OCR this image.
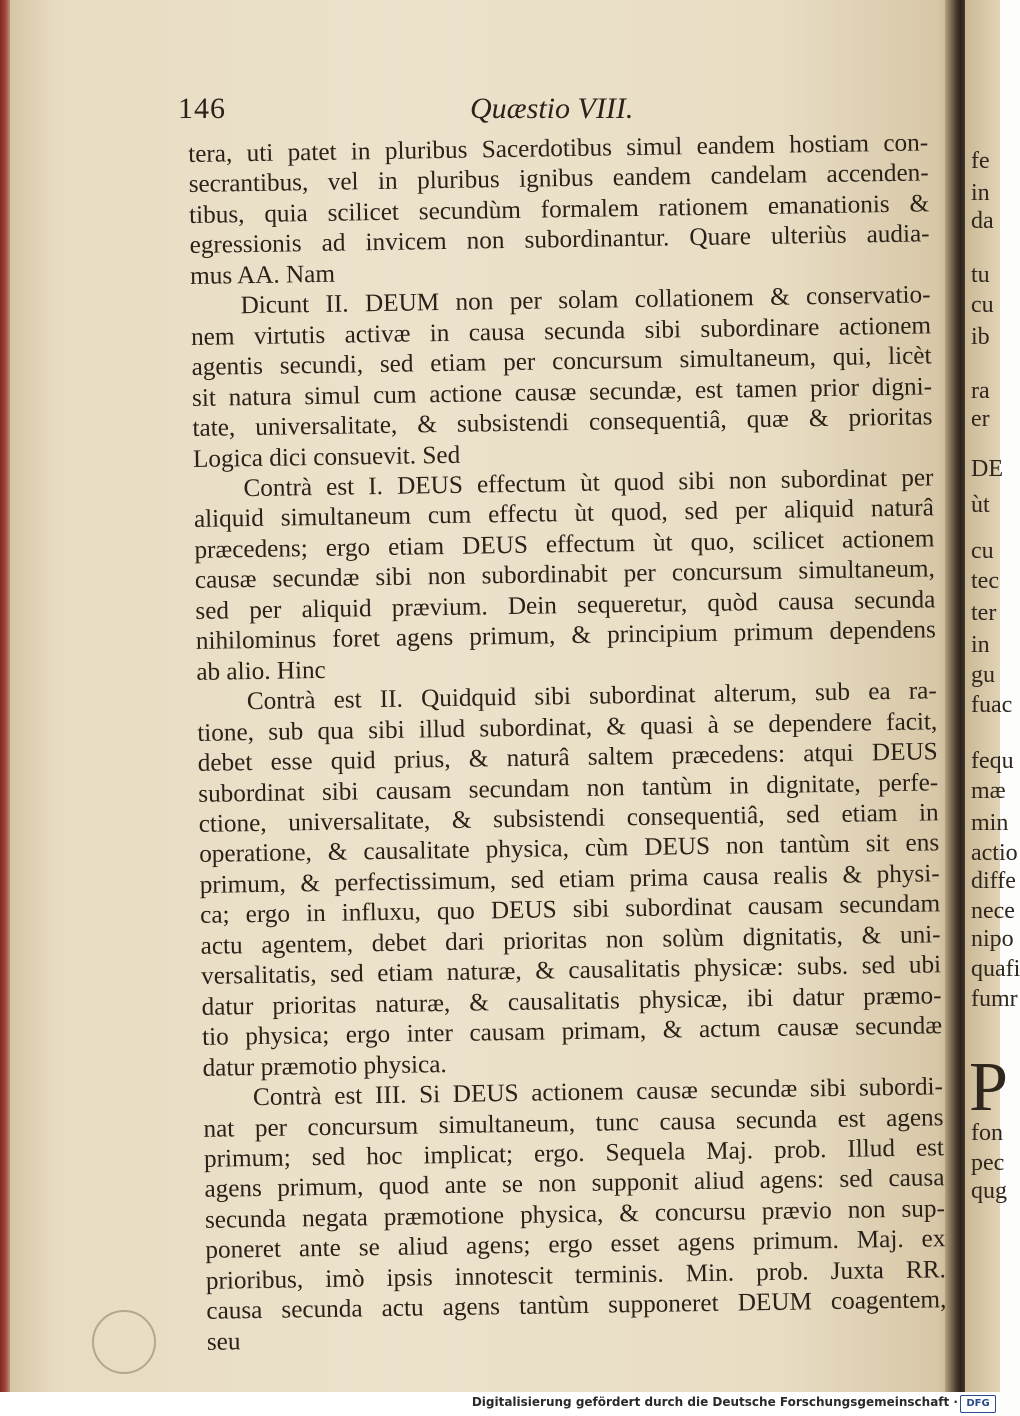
fe
in
da
tu
cu
ib
ra
er
DE
ùt
cu
tec
ter
in
gu
fuac
fequ
mæ
min
actio
diffe
nece
nipo
quafi
fumr
P
fon
pec
qug
146	Quæstio VIII.

tera, uti patet in pluribus Sacerdotibus simul eandem hostiam con-
secrantibus, vel in pluribus ignibus eandem candelam accenden-
tibus, quia scilicet secundùm formalem rationem emanationis &
egressionis ad invicem non subordinantur. Quare ulteriùs audia-
mus AA. Nam

Dicunt II. DEUM non per solam collationem & conservatio-
nem virtutis activæ in causa secunda sibi subordinare actionem
agentis secundi, sed etiam per concursum simultaneum, qui, licèt
sit natura simul cum actione causæ secundæ, est tamen prior digni-
tate, universalitate, & subsistendi consequentiâ, quæ & prioritas
Logica dici consuevit. Sed

Contrà est I. DEUS effectum ùt quod sibi non subordinat per
aliquid simultaneum cum effectu ùt quod, sed per aliquid naturâ
præcedens; ergo etiam DEUS effectum ùt quo, scilicet actionem
causæ secundæ sibi non subordinabit per concursum simultaneum,
sed per aliquid prævium. Dein sequeretur, quòd causa secunda
nihilominus foret agens primum, & principium primum dependens
ab alio. Hinc

Contrà est II. Quidquid sibi subordinat alterum, sub ea ra-
tione, sub qua sibi illud subordinat, & quasi à se dependere facit,
debet esse quid prius, & naturâ saltem præcedens: atqui DEUS
subordinat sibi causam secundam non tantùm in dignitate, perfe-
ctione, universalitate, & subsistendi consequentiâ, sed etiam in
operatione, & causalitate physica, cùm DEUS non tantùm sit ens
primum, & perfectissimum, sed etiam prima causa realis & physi-
ca; ergo in influxu, quo DEUS sibi subordinat causam secundam
actu agentem, debet dari prioritas non solùm dignitatis, & uni-
versalitatis, sed etiam naturæ, & causalitatis physicæ: subs. sed ubi
datur prioritas naturæ, & causalitatis physicæ, ibi datur præmo-
tio physica; ergo inter causam primam, & actum causæ secundæ
datur præmotio physica.

Contrà est III. Si DEUS actionem causæ secundæ sibi subordi-
nat per concursum simultaneum, tunc causa secunda est agens
primum; sed hoc implicat; ergo. Sequela Maj. prob. Illud est
agens primum, quod ante se non supponit aliud agens: sed causa
secunda negata præmotione physica, & concursu prævio non sup-
poneret ante se aliud agens; ergo esset agens primum. Maj. ex
prioribus, imò ipsis innotescit terminis. Min. prob. Juxta RR.
causa secunda actu agens tantùm supponeret DEUM coagentem,
seu

Digitalisierung gefördert durch die Deutsche Forschungsgemeinschaft · DFG
